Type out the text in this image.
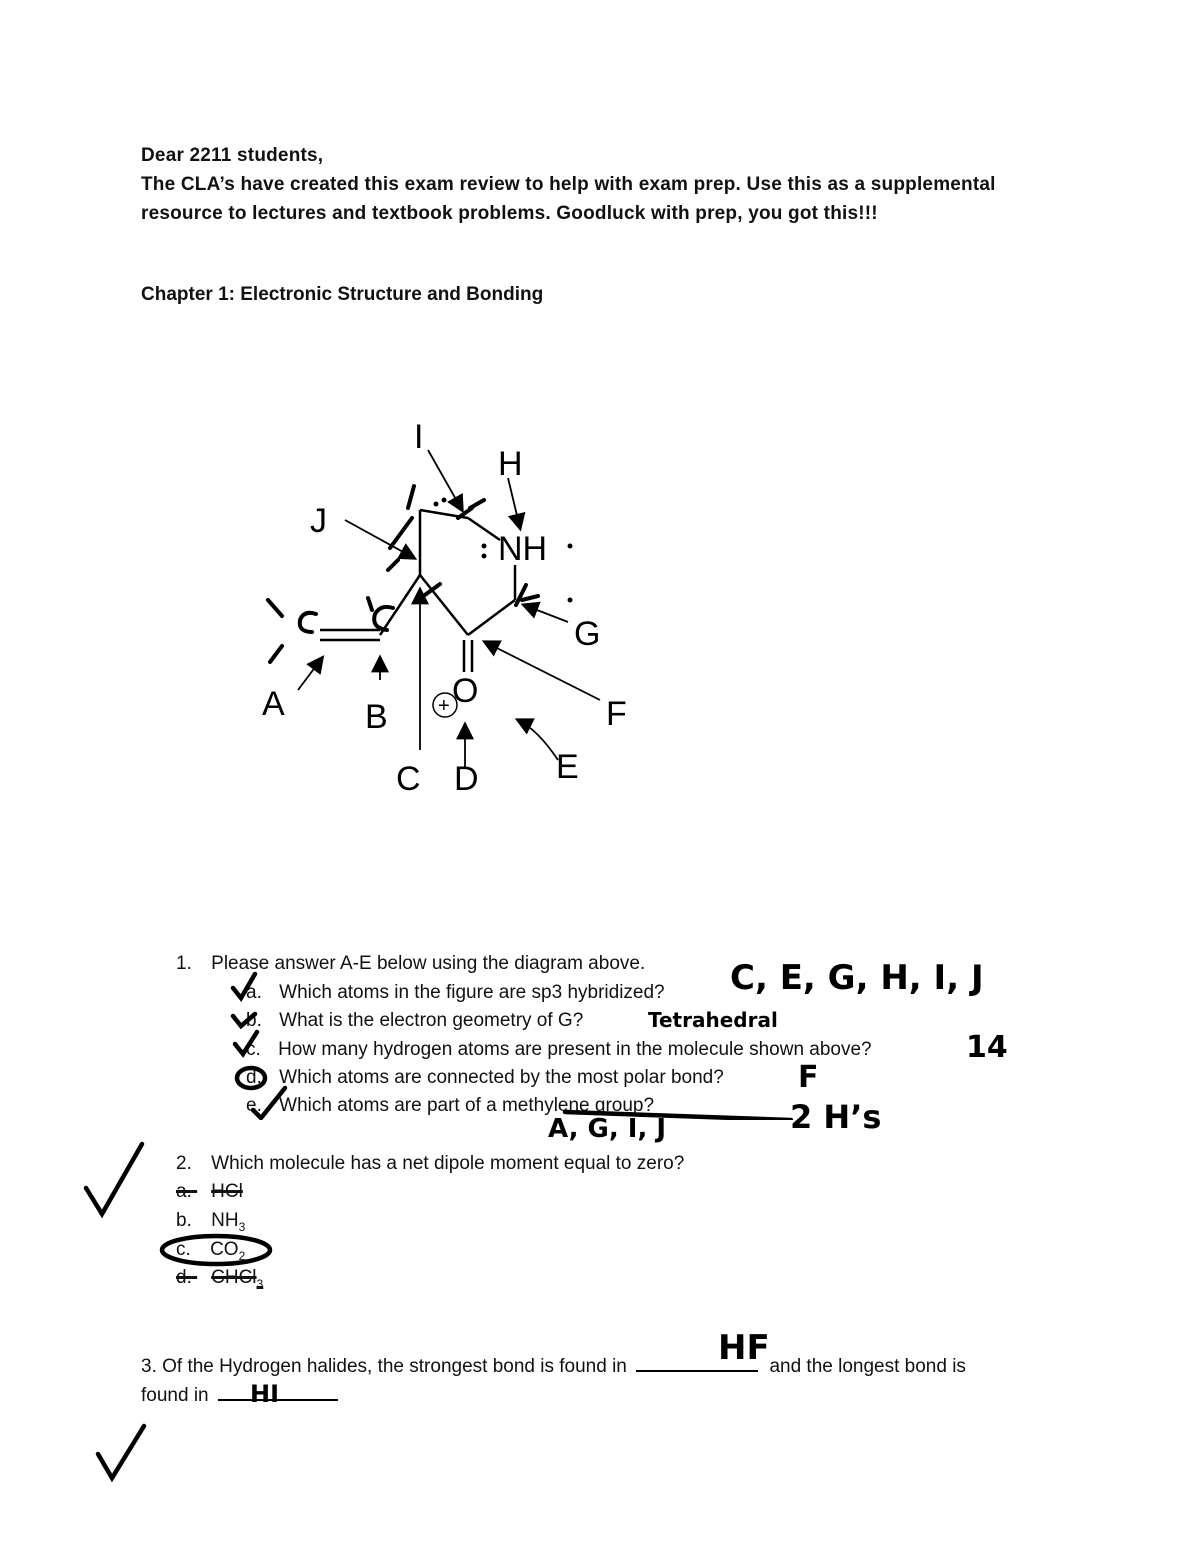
Dear 2211 students,

The CLA’s have created this exam review to help with exam prep. Use this as a supplemental resource to lectures and textbook problems. Goodluck with prep, you got this!!!

Chapter 1: Electronic Structure and Bonding
NH
O
+
A B
C D E
F
G
H
I
J
1. Please answer A-E below using the diagram above.
a. Which atoms in the figure are sp3 hybridized?
b. What is the electron geometry of G?
c. How many hydrogen atoms are present in the molecule shown above?
d. Which atoms are connected by the most polar bond?
e. Which atoms are part of a methylene group?
C, E, G, H, I, J
Tetrahedral
14
F
A, G, I, J	2 H’s
2. Which molecule has a net dipole moment equal to zero?
a. HCl
b. $NH_3$
c. $CO_2$
d. CHCl$_3$
3. Of the Hydrogen halides, the strongest bond is found in	and the longest bond is
found in
HF
HI
